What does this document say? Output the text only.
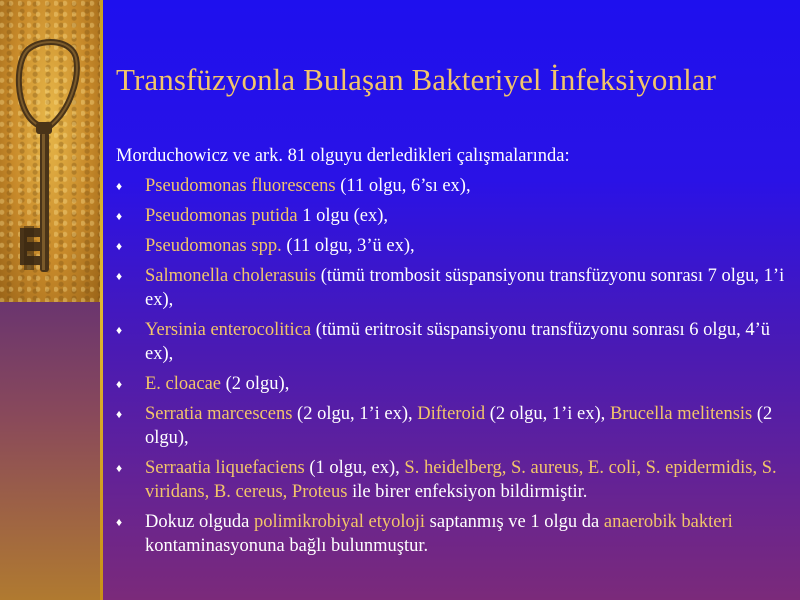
Transfüzyonla Bulaşan Bakteriyel İnfeksiyonlar
Morduchowicz ve ark. 81 olguyu derledikleri çalışmalarında:
♦ Pseudomonas fluorescens (11 olgu, 6’sı ex),
♦ Pseudomonas putida 1 olgu (ex),
♦ Pseudomonas spp. (11 olgu, 3’ü ex),
♦ Salmonella cholerasuis (tümü trombosit süspansiyonu transfüzyonu sonrası 7 olgu, 1’i ex),
♦ Yersinia enterocolitica (tümü eritrosit süspansiyonu transfüzyonu sonrası 6 olgu, 4’ü ex),
♦ E. cloacae (2 olgu),
♦ Serratia marcescens (2 olgu, 1’i ex), Difteroid (2 olgu, 1’i ex), Brucella melitensis (2 olgu),
♦ Serraatia liquefaciens (1 olgu, ex), S. heidelberg, S. aureus, E. coli, S. epidermidis, S. viridans, B. cereus, Proteus ile birer enfeksiyon bildirmiştir.
♦ Dokuz olguda polimikrobiyal etyoloji saptanmış ve 1 olgu da anaerobik bakteri kontaminasyonuna bağlı bulunmuştur.
